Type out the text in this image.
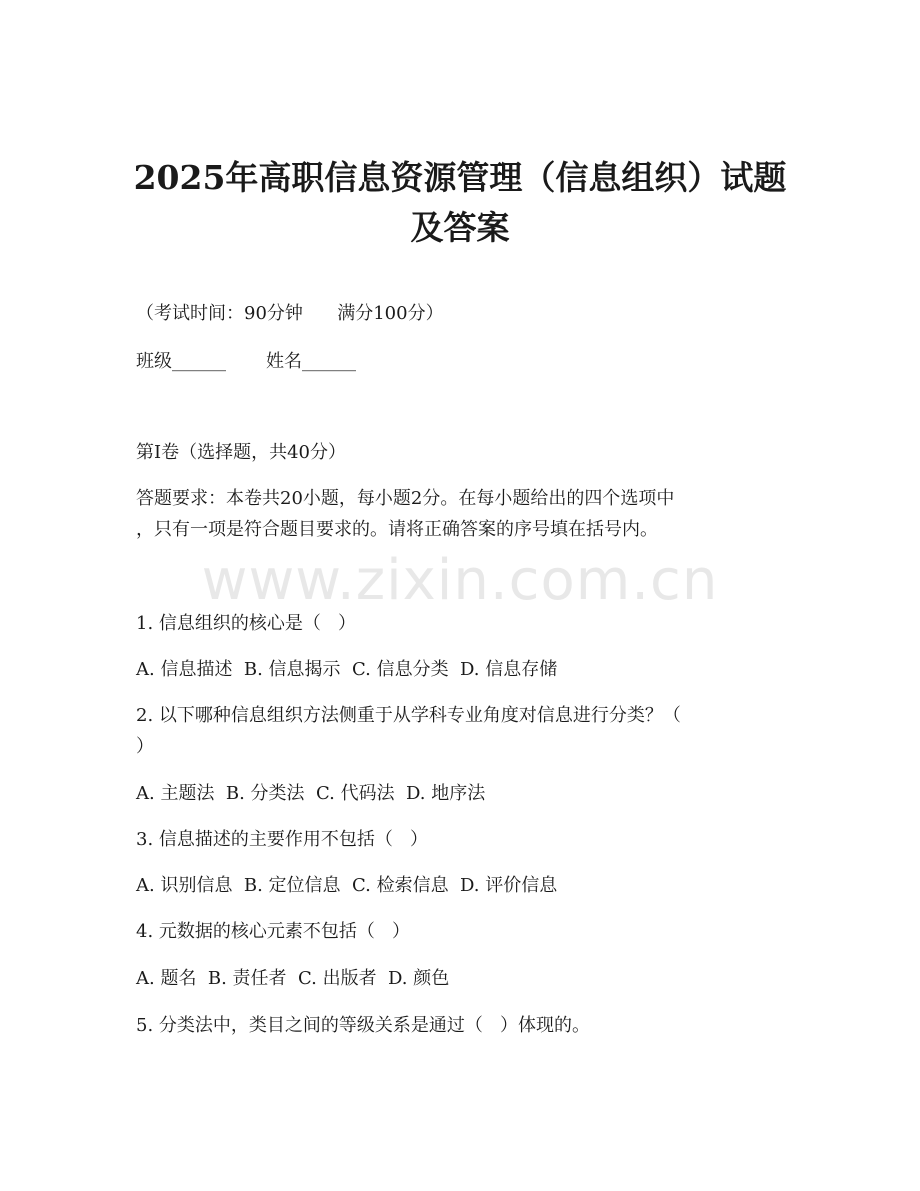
2025年高职信息资源管理（信息组织）试题
及答案
（考试时间：90分钟      满分100分）
班级______       姓名______
第I卷（选择题，共40分）
答题要求：本卷共20小题，每小题2分。在每小题给出的四个选项中
，只有一项是符合题目要求的。请将正确答案的序号填在括号内。
www.zixin.com.cn
1. 信息组织的核心是（   ）
A. 信息描述  B. 信息揭示  C. 信息分类  D. 信息存储
2. 以下哪种信息组织方法侧重于从学科专业角度对信息进行分类？（
）
A. 主题法  B. 分类法  C. 代码法  D. 地序法
3. 信息描述的主要作用不包括（   ）
A. 识别信息  B. 定位信息  C. 检索信息  D. 评价信息
4. 元数据的核心元素不包括（   ）
A. 题名  B. 责任者  C. 出版者  D. 颜色
5. 分类法中，类目之间的等级关系是通过（   ）体现的。
